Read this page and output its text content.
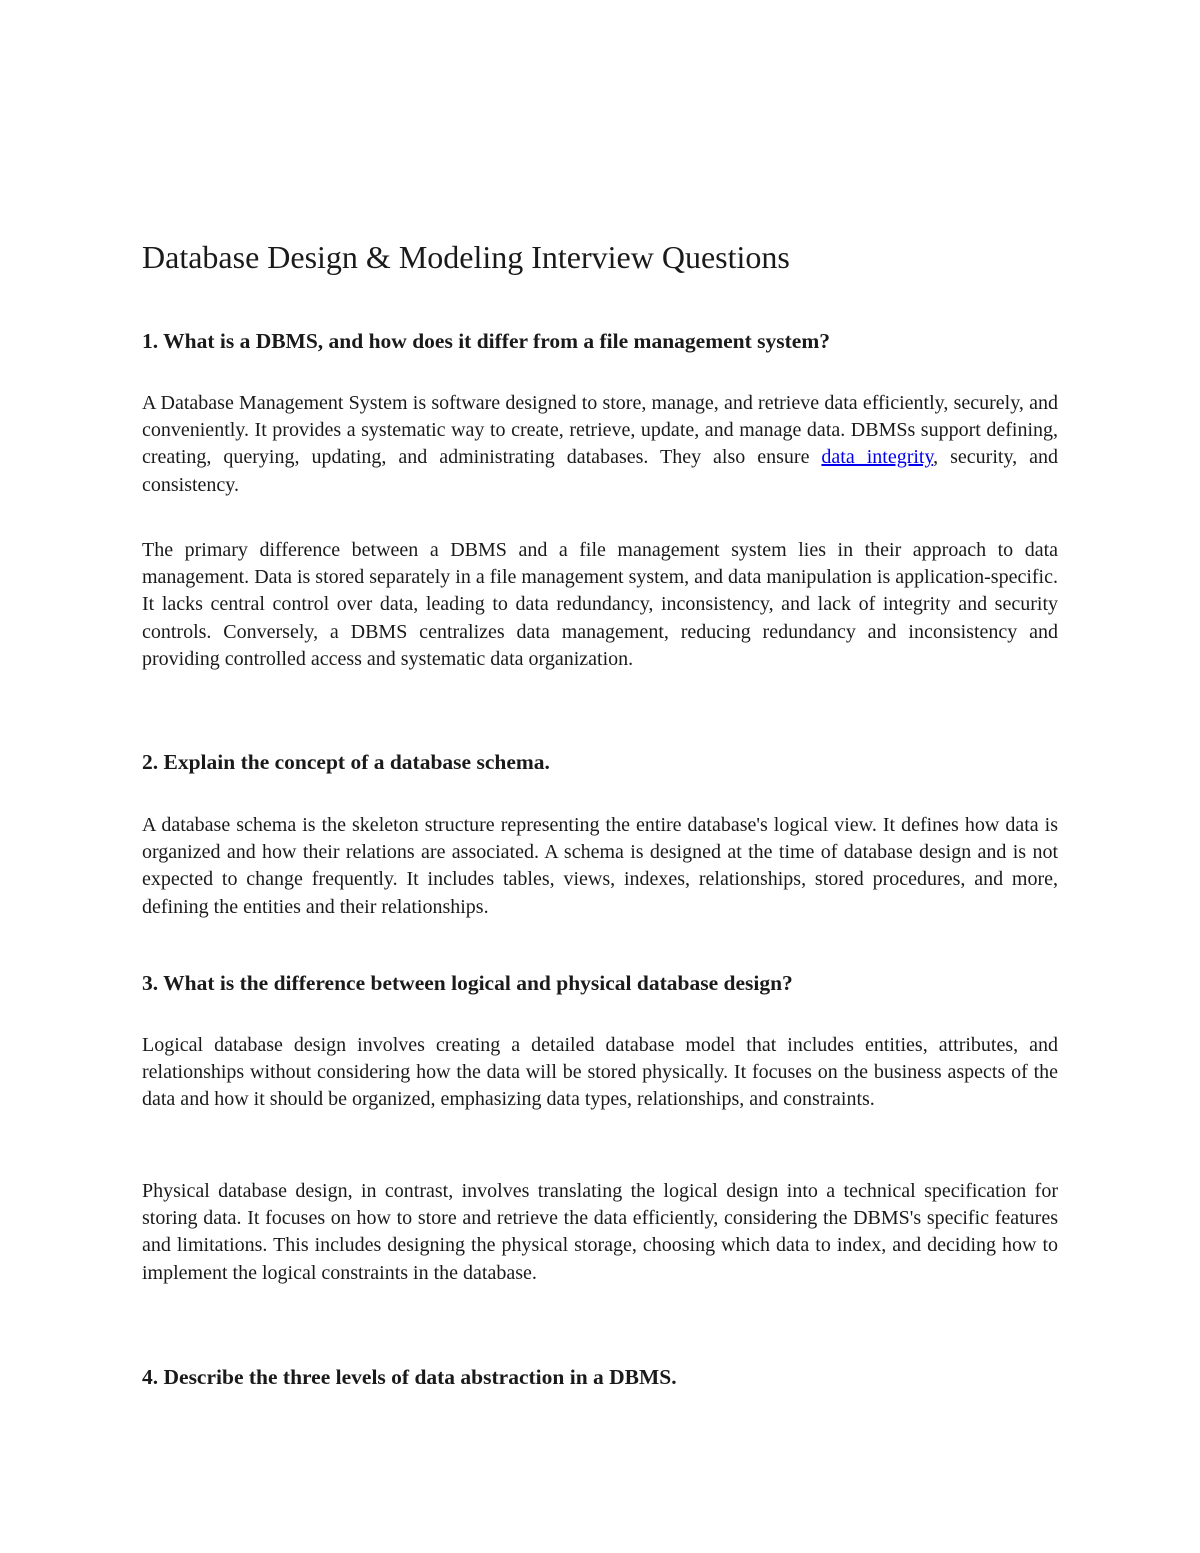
Database Design & Modeling Interview Questions
1. What is a DBMS, and how does it differ from a file management system?

A Database Management System is software designed to store, manage, and retrieve data efficiently, securely, and conveniently. It provides a systematic way to create, retrieve, update, and manage data. DBMSs support defining, creating, querying, updating, and administrating databases. They also ensure data integrity, security, and consistency.

The primary difference between a DBMS and a file management system lies in their approach to data management. Data is stored separately in a file management system, and data manipulation is application-specific. It lacks central control over data, leading to data redundancy, inconsistency, and lack of integrity and security controls. Conversely, a DBMS centralizes data management, reducing redundancy and inconsistency and providing controlled access and systematic data organization.

2. Explain the concept of a database schema.

A database schema is the skeleton structure representing the entire database's logical view. It defines how data is organized and how their relations are associated. A schema is designed at the time of database design and is not expected to change frequently. It includes tables, views, indexes, relationships, stored procedures, and more, defining the entities and their relationships.

3. What is the difference between logical and physical database design?

Logical database design involves creating a detailed database model that includes entities, attributes, and relationships without considering how the data will be stored physically. It focuses on the business aspects of the data and how it should be organized, emphasizing data types, relationships, and constraints.

Physical database design, in contrast, involves translating the logical design into a technical specification for storing data. It focuses on how to store and retrieve the data efficiently, considering the DBMS's specific features and limitations. This includes designing the physical storage, choosing which data to index, and deciding how to implement the logical constraints in the database.

4. Describe the three levels of data abstraction in a DBMS.
